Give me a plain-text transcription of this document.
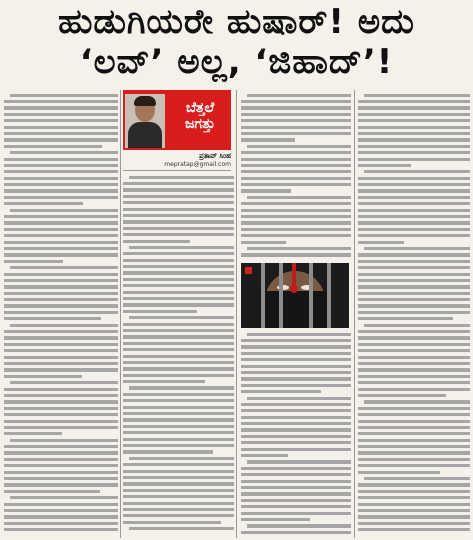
ಹುಡುಗಿಯರೇ ಹುಷಾರ್! ಅದು
‘ಲವ್’ ಅಲ್ಲ, ‘ಜಿಹಾದ್’!
ಬೆತ್ತಲೆ
ಜಗತ್ತು
ಪ್ರತಾಪ್ ಸಿಂಹ
mepratap@gmail.com
